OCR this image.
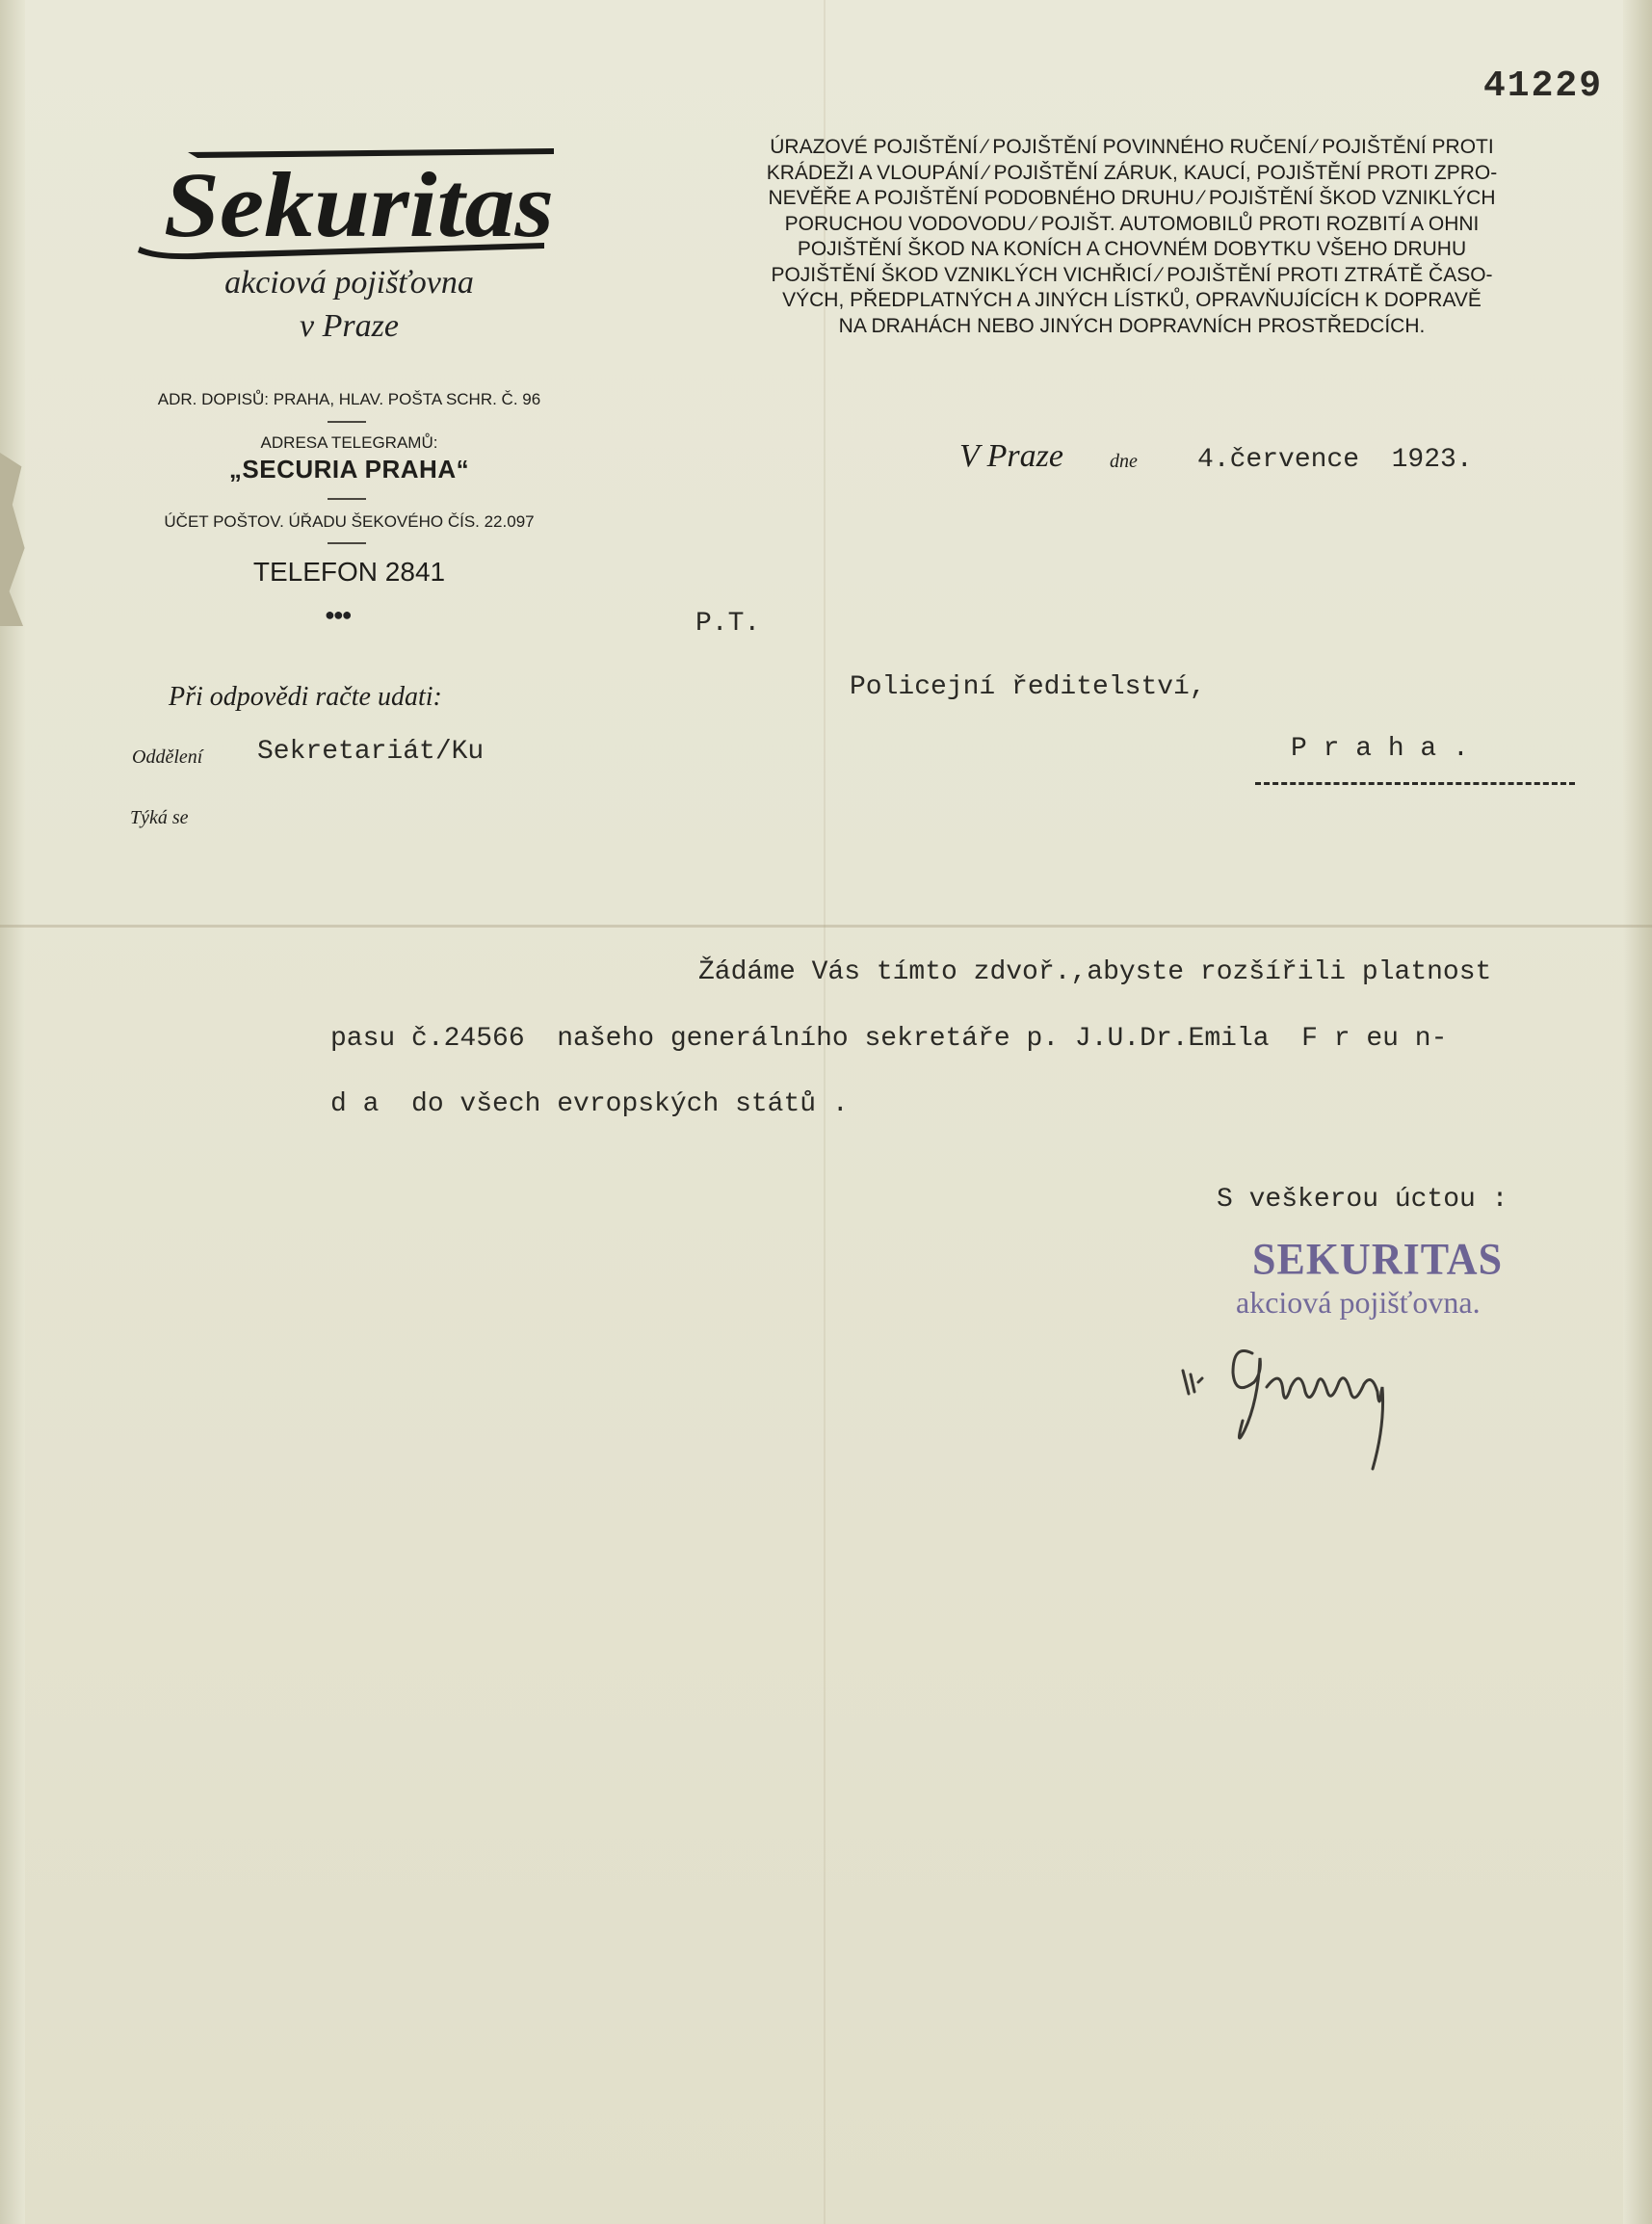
41229
Sekuritas
akciová pojišťovna
v Praze
ADR. DOPISŮ: PRAHA, HLAV. POŠTA SCHR. Č. 96
ADRESA TELEGRAMŮ:
„SECURIA PRAHA“
ÚČET POŠTOV. ÚŘADU ŠEKOVÉHO ČÍS. 22.097
TELEFON 2841
●●●
ÚRAZOVÉ POJIŠTĚNÍ ⁄ POJIŠTĚNÍ POVINNÉHO RUČENÍ ⁄ POJIŠTĚNÍ PROTI
KRÁDEŽI A VLOUPÁNÍ ⁄ POJIŠTĚNÍ ZÁRUK, KAUCÍ, POJIŠTĚNÍ PROTI ZPRO-
NEVĚŘE A POJIŠTĚNÍ PODOBNÉHO DRUHU ⁄ POJIŠTĚNÍ ŠKOD VZNIKLÝCH
PORUCHOU VODOVODU ⁄ POJIŠT. AUTOMOBILŮ PROTI ROZBITÍ A OHNI
POJIŠTĚNÍ ŠKOD NA KONÍCH A CHOVNÉM DOBYTKU VŠEHO DRUHU
POJIŠTĚNÍ ŠKOD VZNIKLÝCH VICHŘICÍ ⁄ POJIŠTĚNÍ PROTI ZTRÁTĚ ČASO-
VÝCH, PŘEDPLATNÝCH A JINÝCH LÍSTKŮ, OPRAVŇUJÍCÍCH K DOPRAVĚ
NA DRAHÁCH NEBO JINÝCH DOPRAVNÍCH PROSTŘEDCÍCH.
V Praze dne 4.července  1923.
Při odpovědi račte udati:
Oddělení Sekretariát/Ku
Týká se
P.T.
Policejní ředitelství,
P r a h a .
Žádáme Vás tímto zdvoř.,abyste rozšířili platnost
pasu č.24566  našeho generálního sekretáře p. J.U.Dr.Emila  F r eu n-
d a  do všech evropských států .
S veškerou úctou :
SEKURITAS
akciová pojišťovna.
